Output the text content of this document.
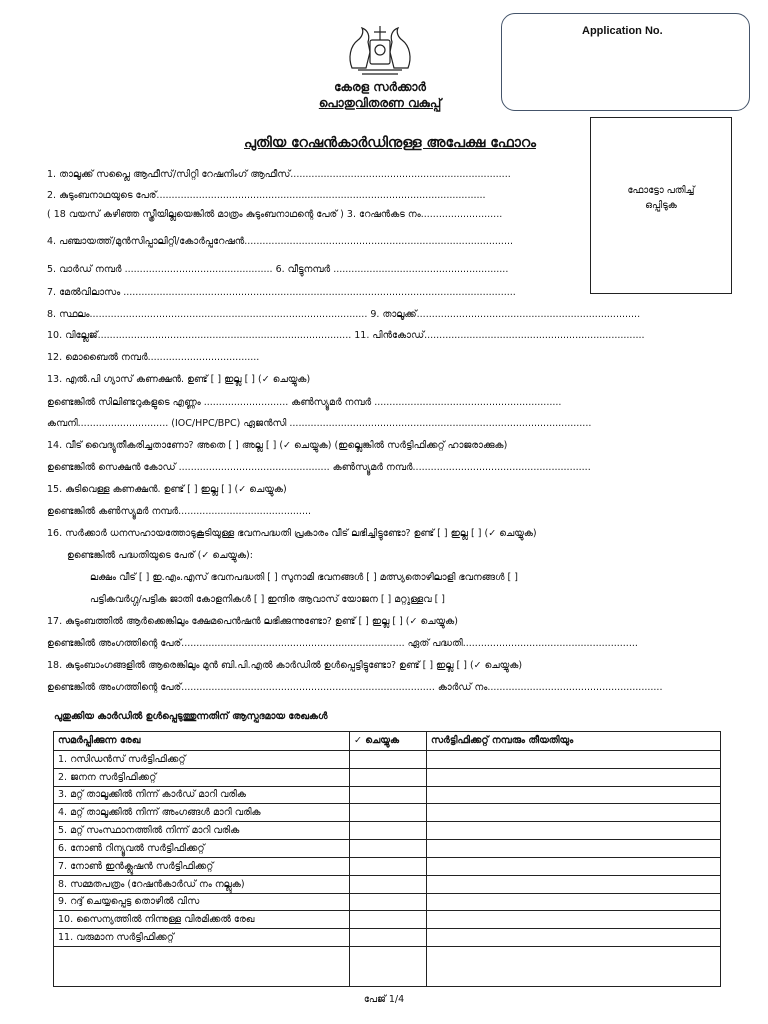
Application No.
കേരള സർക്കാർ
പൊതുവിതരണ വകുപ്പ്
പുതിയ റേഷൻകാർഡിനുള്ള അപേക്ഷ ഫോറം
ഫോട്ടോ പതിച്ച്
ഒപ്പിടുക
1. താലൂക്ക് സപ്ലൈ ആഫീസ്/സിറ്റി റേഷനിംഗ് ആഫീസ്.........................................................................
2. കുടുംബനാഥയുടെ പേര്.............................................................................................................
( 18 വയസ് കഴിഞ്ഞ സ്ത്രീയില്ലയെങ്കിൽ മാത്രം കുടുംബനാഥന്റെ പേര് ) 3. റേഷൻകട നം...........................
4. പഞ്ചായത്ത്/മുൻസിപ്പാലിറ്റി/കോർപ്പറേഷൻ.........................................................................................
5. വാർഡ് നമ്പർ ................................................. 6. വീട്ടുനമ്പർ ..........................................................
7. മേൽവിലാസം ..................................................................................................................................
8. സ്ഥലം............................................................................................ 9. താലൂക്ക്..........................................................................
10. വില്ലേജ്.................................................................................... 11. പിൻകോഡ്.........................................................................
12. മൊബൈൽ നമ്പർ.....................................
13. എൽ.പി ഗ്യാസ് കണക്ഷൻ. ഉണ്ട് [ ] ഇല്ല [ ] (✓ ചെയ്യുക)
ഉണ്ടെങ്കിൽ സിലിണ്ടറുകളുടെ എണ്ണം ............................ കൺസ്യൂമർ നമ്പർ ..............................................................
കമ്പനി.............................. (IOC/HPC/BPC) ഏജൻസി ....................................................................................................
14. വീട് വൈദ്യുതീകരിച്ചതാണോ? അതെ [ ] അല്ല [ ] (✓ ചെയ്യുക) (ഇല്ലെങ്കിൽ സർട്ടിഫിക്കറ്റ് ഹാജരാക്കുക)
ഉണ്ടെങ്കിൽ സെക്ഷൻ കോഡ് .................................................. കൺസ്യൂമർ നമ്പർ...........................................................
15. കുടിവെള്ള കണക്ഷൻ. ഉണ്ട് [ ] ഇല്ല [ ] (✓ ചെയ്യുക)
ഉണ്ടെങ്കിൽ കൺസ്യൂമർ നമ്പർ............................................
16. സർക്കാർ ധനസഹായത്തോടുകൂടിയുള്ള ഭവനപദ്ധതി പ്രകാരം വീട് ലഭിച്ചിട്ടുണ്ടോ? ഉണ്ട് [ ] ഇല്ല [ ] (✓ ചെയ്യുക)
ഉണ്ടെങ്കിൽ പദ്ധതിയുടെ പേര് (✓ ചെയ്യുക):
ലക്ഷം വീട് [ ] ഇ.എം.എസ് ഭവനപദ്ധതി [ ] സുനാമി ഭവനങ്ങൾ [ ] മത്സ്യതൊഴിലാളി ഭവനങ്ങൾ [ ]
പട്ടികവർഗ്ഗ/പട്ടിക ജാതി കോളനികൾ [ ] ഇന്ദിര ആവാസ് യോജന [ ] മറ്റുള്ളവ [ ]
17. കുടുംബത്തിൽ ആർക്കെങ്കിലും ക്ഷേമപെൻഷൻ ലഭിക്കുന്നുണ്ടോ? ഉണ്ട് [ ] ഇല്ല [ ] (✓ ചെയ്യുക)
ഉണ്ടെങ്കിൽ അംഗത്തിന്റെ പേര്.......................................................................... ഏത് പദ്ധതി..........................................................
18. കുടുംബാംഗങ്ങളിൽ ആരെങ്കിലും മുൻ ബി.പി.എൽ കാർഡിൽ ഉൾപ്പെട്ടിട്ടുണ്ടോ? ഉണ്ട് [ ] ഇല്ല [ ] (✓ ചെയ്യുക)
ഉണ്ടെങ്കിൽ അംഗത്തിന്റെ പേര്.................................................................................... കാർഡ് നം..........................................................
പുതുക്കിയ കാർഡിൽ ഉൾപ്പെടുത്തുന്നതിന് ആസ്പദമായ രേഖകൾ
സമർപ്പിക്കുന്ന രേഖ	✓ ചെയ്യുക	സർട്ടിഫിക്കറ്റ് നമ്പരും തീയതിയും
1. റസിഡൻസ് സർട്ടിഫിക്കറ്റ്		
2. ജനന സർട്ടിഫിക്കറ്റ്		
3. മറ്റ് താലൂക്കിൽ നിന്ന് കാർഡ് മാറി വരിക		
4. മറ്റ് താലൂക്കിൽ നിന്ന് അംഗങ്ങൾ മാറി വരിക		
5. മറ്റ് സംസ്ഥാനത്തിൽ നിന്ന് മാറി വരിക		
6. നോൺ റിന്യൂവൽ സർട്ടിഫിക്കറ്റ്		
7. നോൺ ഇൻക്ലൂഷൻ സർട്ടിഫിക്കറ്റ്		
8. സമ്മതപത്രം (റേഷൻകാർഡ് നം നല്ലുക)		
9. റദ്ദ് ചെയ്യപ്പെട്ട തൊഴിൽ വിസ		
10. സൈന്യത്തിൽ നിന്നുള്ള വിരമിക്കൽ രേഖ		
11. വരുമാന സർട്ടിഫിക്കറ്റ്		

പേജ് 1/4
